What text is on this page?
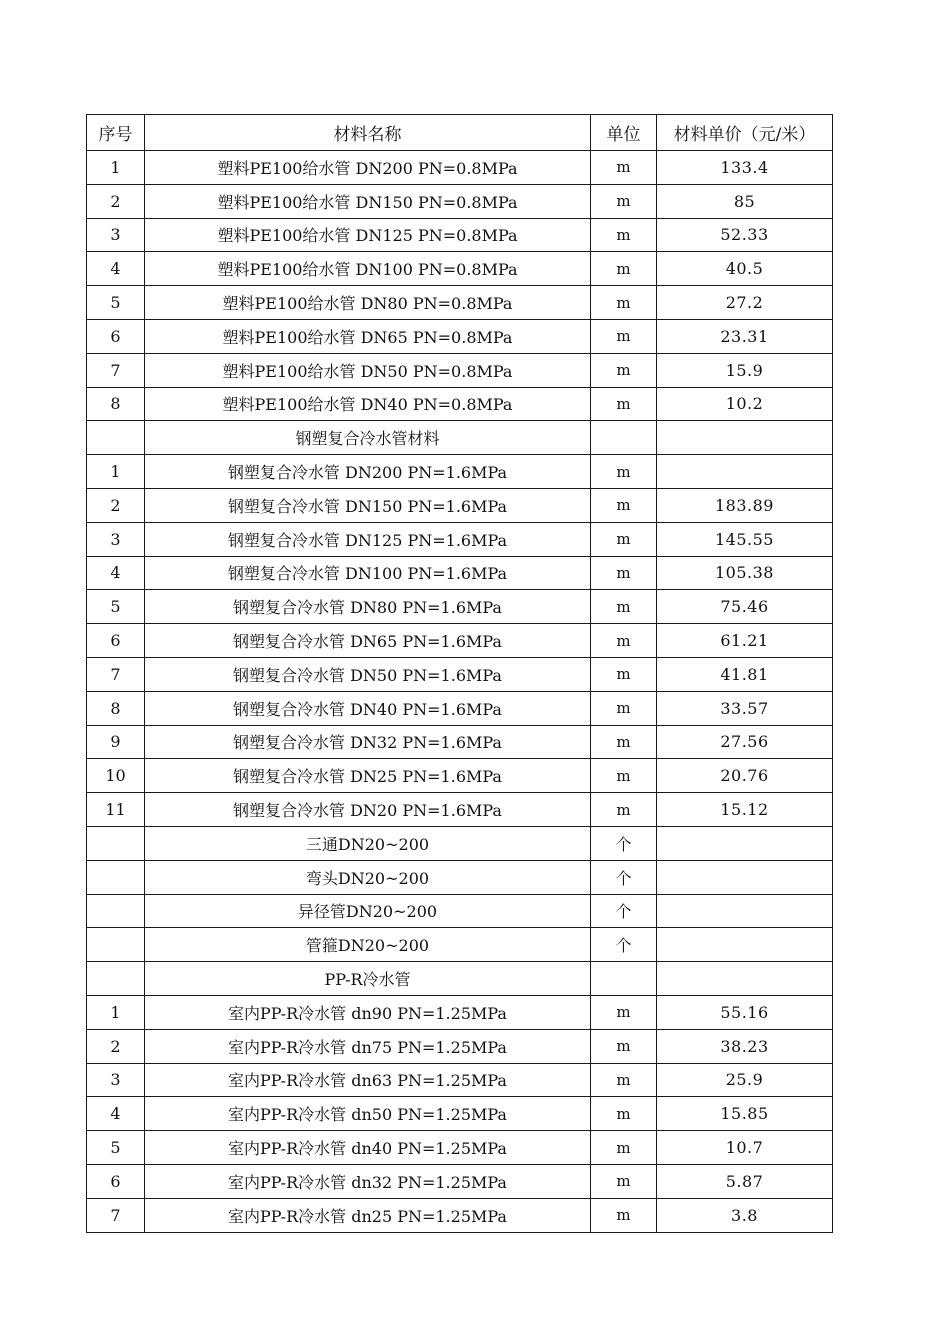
序号	材料名称	单位	材料单价（元/米）
1	塑料PE100给水管 DN200 PN=0.8MPa	m	133.4
2	塑料PE100给水管 DN150 PN=0.8MPa	m	85
3	塑料PE100给水管 DN125 PN=0.8MPa	m	52.33
4	塑料PE100给水管 DN100 PN=0.8MPa	m	40.5
5	塑料PE100给水管 DN80 PN=0.8MPa	m	27.2
6	塑料PE100给水管 DN65 PN=0.8MPa	m	23.31
7	塑料PE100给水管 DN50 PN=0.8MPa	m	15.9
8	塑料PE100给水管 DN40 PN=0.8MPa	m	10.2
	钢塑复合冷水管材料		
1	钢塑复合冷水管 DN200 PN=1.6MPa	m	
2	钢塑复合冷水管 DN150 PN=1.6MPa	m	183.89
3	钢塑复合冷水管 DN125 PN=1.6MPa	m	145.55
4	钢塑复合冷水管 DN100 PN=1.6MPa	m	105.38
5	钢塑复合冷水管 DN80 PN=1.6MPa	m	75.46
6	钢塑复合冷水管 DN65 PN=1.6MPa	m	61.21
7	钢塑复合冷水管 DN50 PN=1.6MPa	m	41.81
8	钢塑复合冷水管 DN40 PN=1.6MPa	m	33.57
9	钢塑复合冷水管 DN32 PN=1.6MPa	m	27.56
10	钢塑复合冷水管 DN25 PN=1.6MPa	m	20.76
11	钢塑复合冷水管 DN20 PN=1.6MPa	m	15.12
	三通DN20~200	个	
	弯头DN20~200	个	
	异径管DN20~200	个	
	管箍DN20~200	个	
	PP-R冷水管		
1	室内PP-R冷水管 dn90 PN=1.25MPa	m	55.16
2	室内PP-R冷水管 dn75 PN=1.25MPa	m	38.23
3	室内PP-R冷水管 dn63 PN=1.25MPa	m	25.9
4	室内PP-R冷水管 dn50 PN=1.25MPa	m	15.85
5	室内PP-R冷水管 dn40 PN=1.25MPa	m	10.7
6	室内PP-R冷水管 dn32 PN=1.25MPa	m	5.87
7	室内PP-R冷水管 dn25 PN=1.25MPa	m	3.8
